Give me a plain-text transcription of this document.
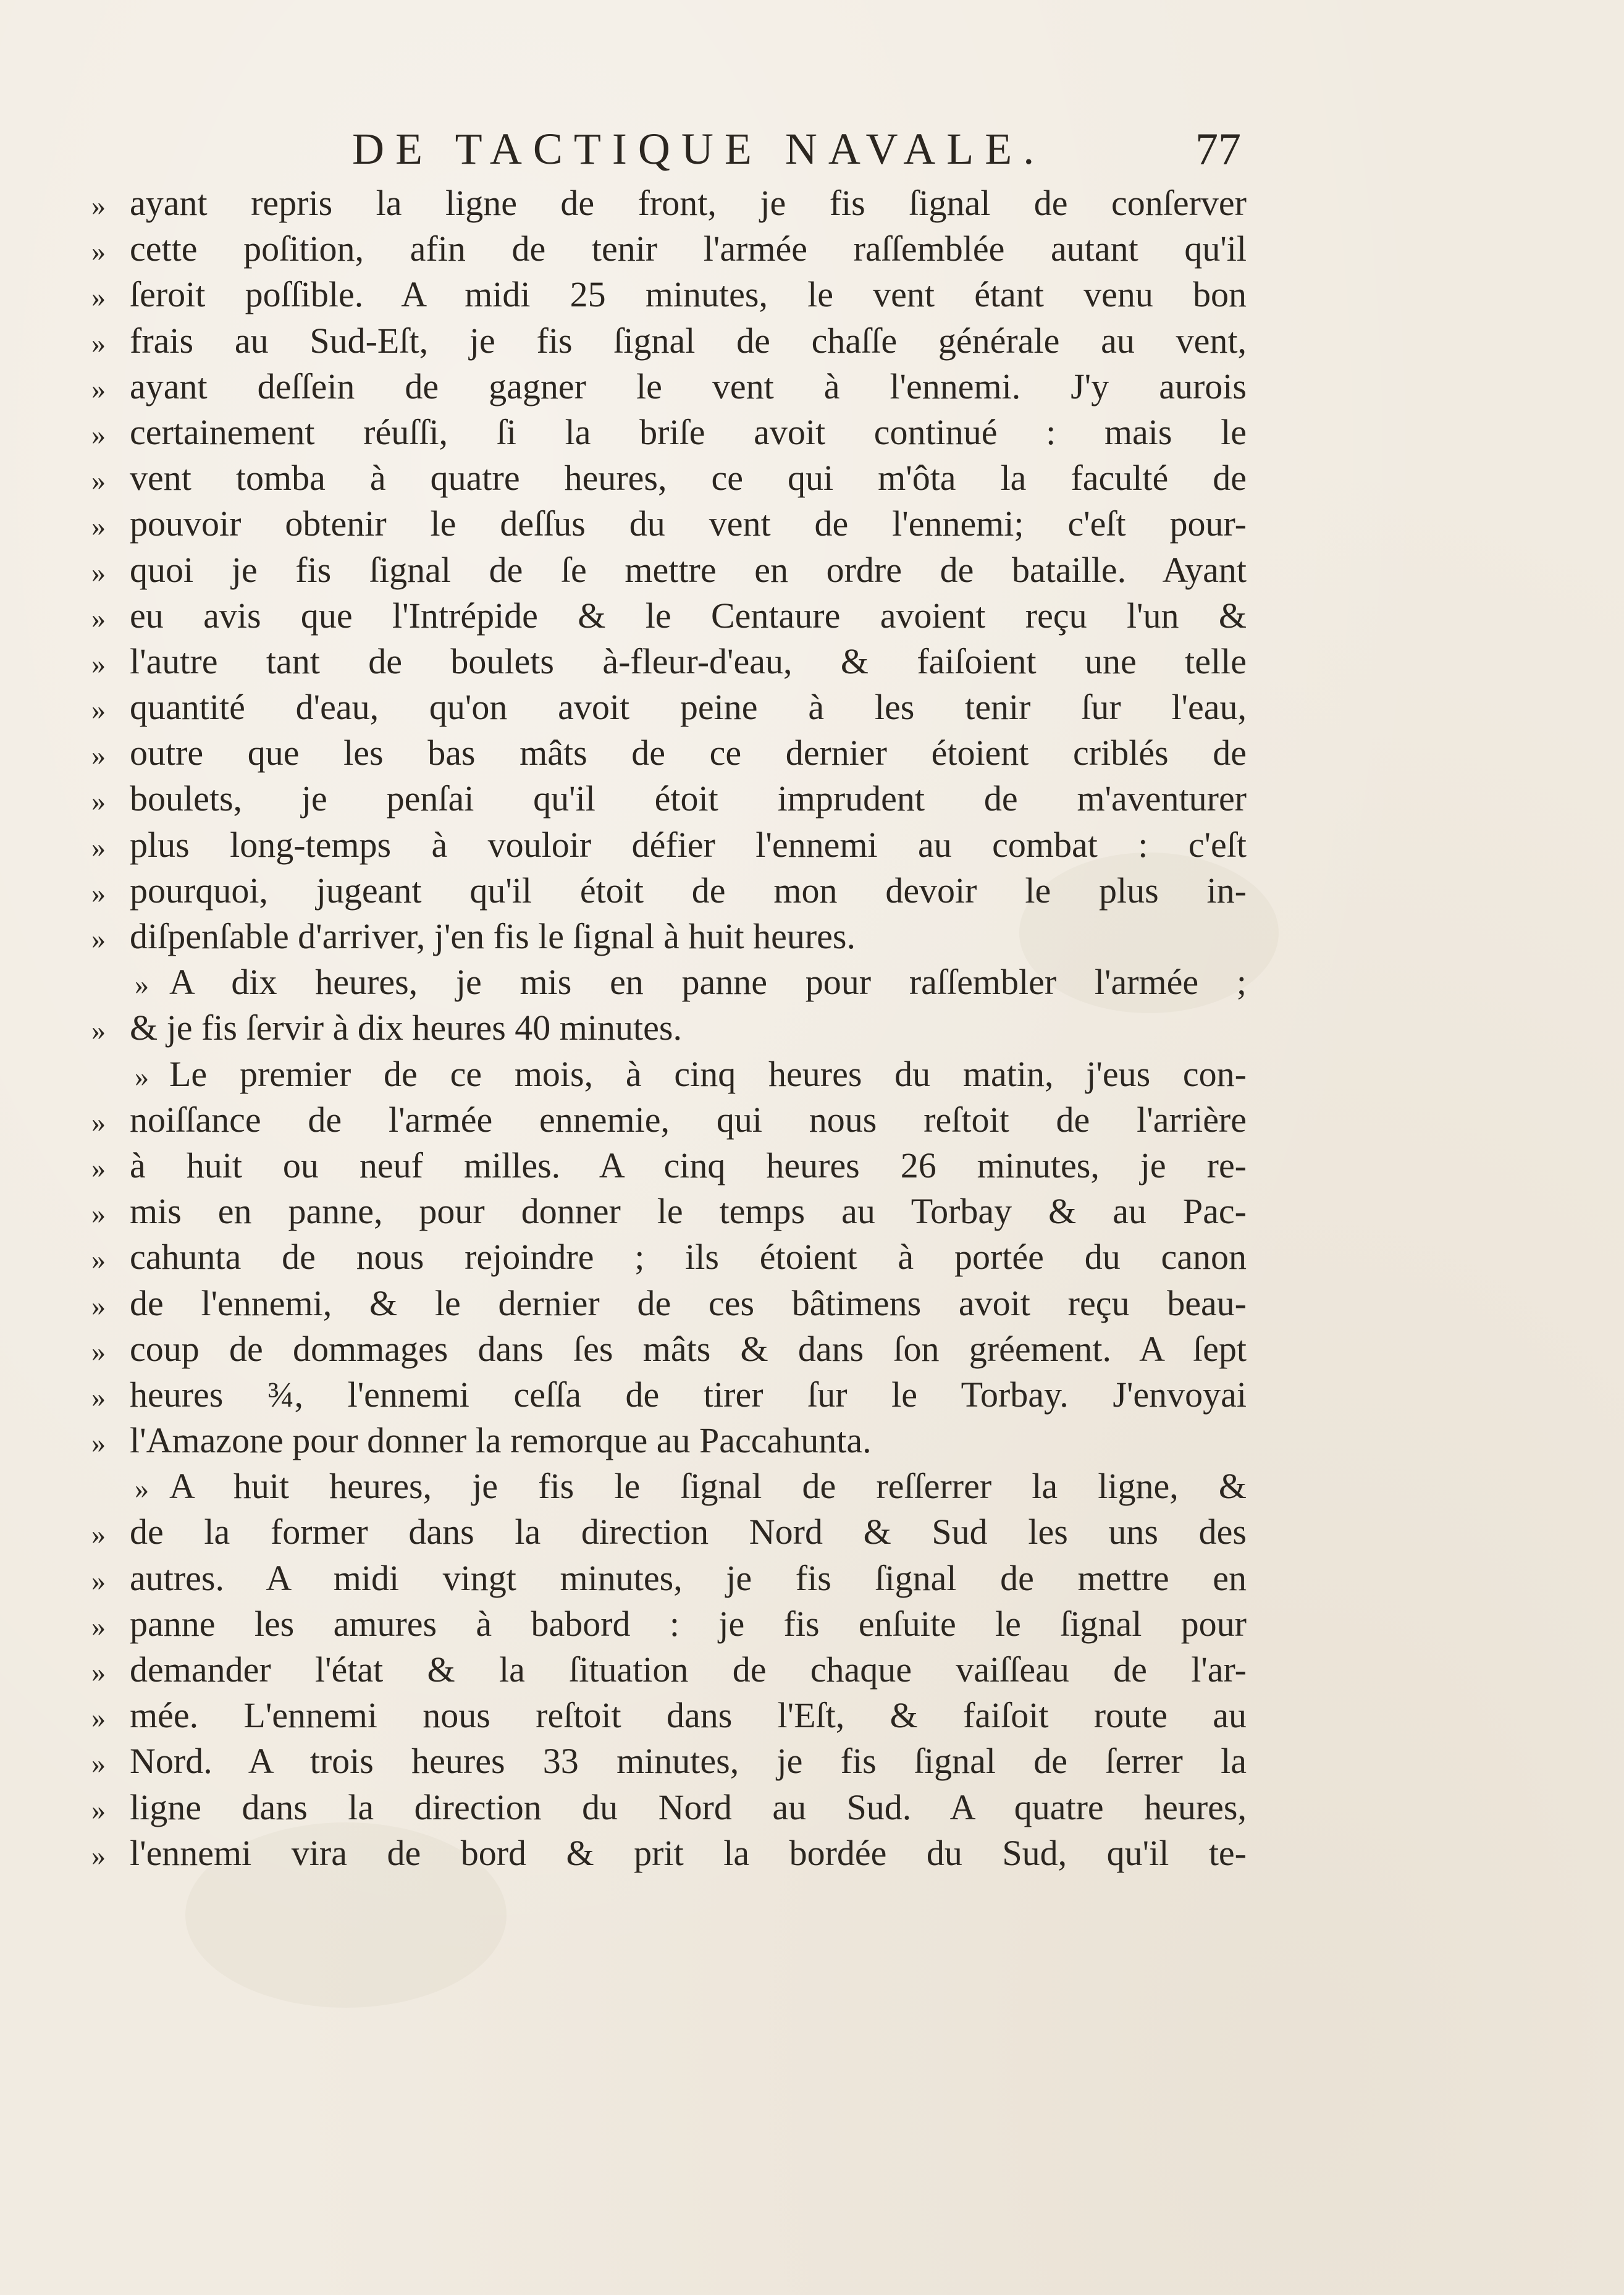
DE TACTIQUE NAVALE.	77
» ayant repris la ligne de front, je fis ſignal de conſerver
» cette poſition, afin de tenir l'armée raſſemblée autant qu'il
» ſeroit poſſible. A midi 25 minutes, le vent étant venu bon
» frais au Sud-Eſt, je fis ſignal de chaſſe générale au vent,
» ayant deſſein de gagner le vent à l'ennemi. J'y aurois
» certainement réuſſi, ſi la briſe avoit continué : mais le
» vent tomba à quatre heures, ce qui m'ôta la faculté de
» pouvoir obtenir le deſſus du vent de l'ennemi; c'eſt pour-
» quoi je fis ſignal de ſe mettre en ordre de bataille. Ayant
» eu avis que l'Intrépide & le Centaure avoient reçu l'un &
» l'autre tant de boulets à-fleur-d'eau, & faiſoient une telle
» quantité d'eau, qu'on avoit peine à les tenir ſur l'eau,
» outre que les bas mâts de ce dernier étoient criblés de
» boulets, je penſai qu'il étoit imprudent de m'aventurer
» plus long-temps à vouloir défier l'ennemi au combat : c'eſt
» pourquoi, jugeant qu'il étoit de mon devoir le plus in-
» diſpenſable d'arriver, j'en fis le ſignal à huit heures.
» A dix heures, je mis en panne pour raſſembler l'armée ;
» & je fis ſervir à dix heures 40 minutes.
» Le premier de ce mois, à cinq heures du matin, j'eus con-
» noiſſance de l'armée ennemie, qui nous reſtoit de l'arrière
» à huit ou neuf milles. A cinq heures 26 minutes, je re-
» mis en panne, pour donner le temps au Torbay & au Pac-
» cahunta de nous rejoindre ; ils étoient à portée du canon
» de l'ennemi, & le dernier de ces bâtimens avoit reçu beau-
» coup de dommages dans ſes mâts & dans ſon gréement. A ſept
» heures ¾, l'ennemi ceſſa de tirer ſur le Torbay. J'envoyai
» l'Amazone pour donner la remorque au Paccahunta.
» A huit heures, je fis le ſignal de reſſerrer la ligne, &
» de la former dans la direction Nord & Sud les uns des
» autres. A midi vingt minutes, je fis ſignal de mettre en
» panne les amures à babord : je fis enſuite le ſignal pour
» demander l'état & la ſituation de chaque vaiſſeau de l'ar-
» mée. L'ennemi nous reſtoit dans l'Eſt, & faiſoit route au
» Nord. A trois heures 33 minutes, je fis ſignal de ſerrer la
» ligne dans la direction du Nord au Sud. A quatre heures,
» l'ennemi vira de bord & prit la bordée du Sud, qu'il te-
